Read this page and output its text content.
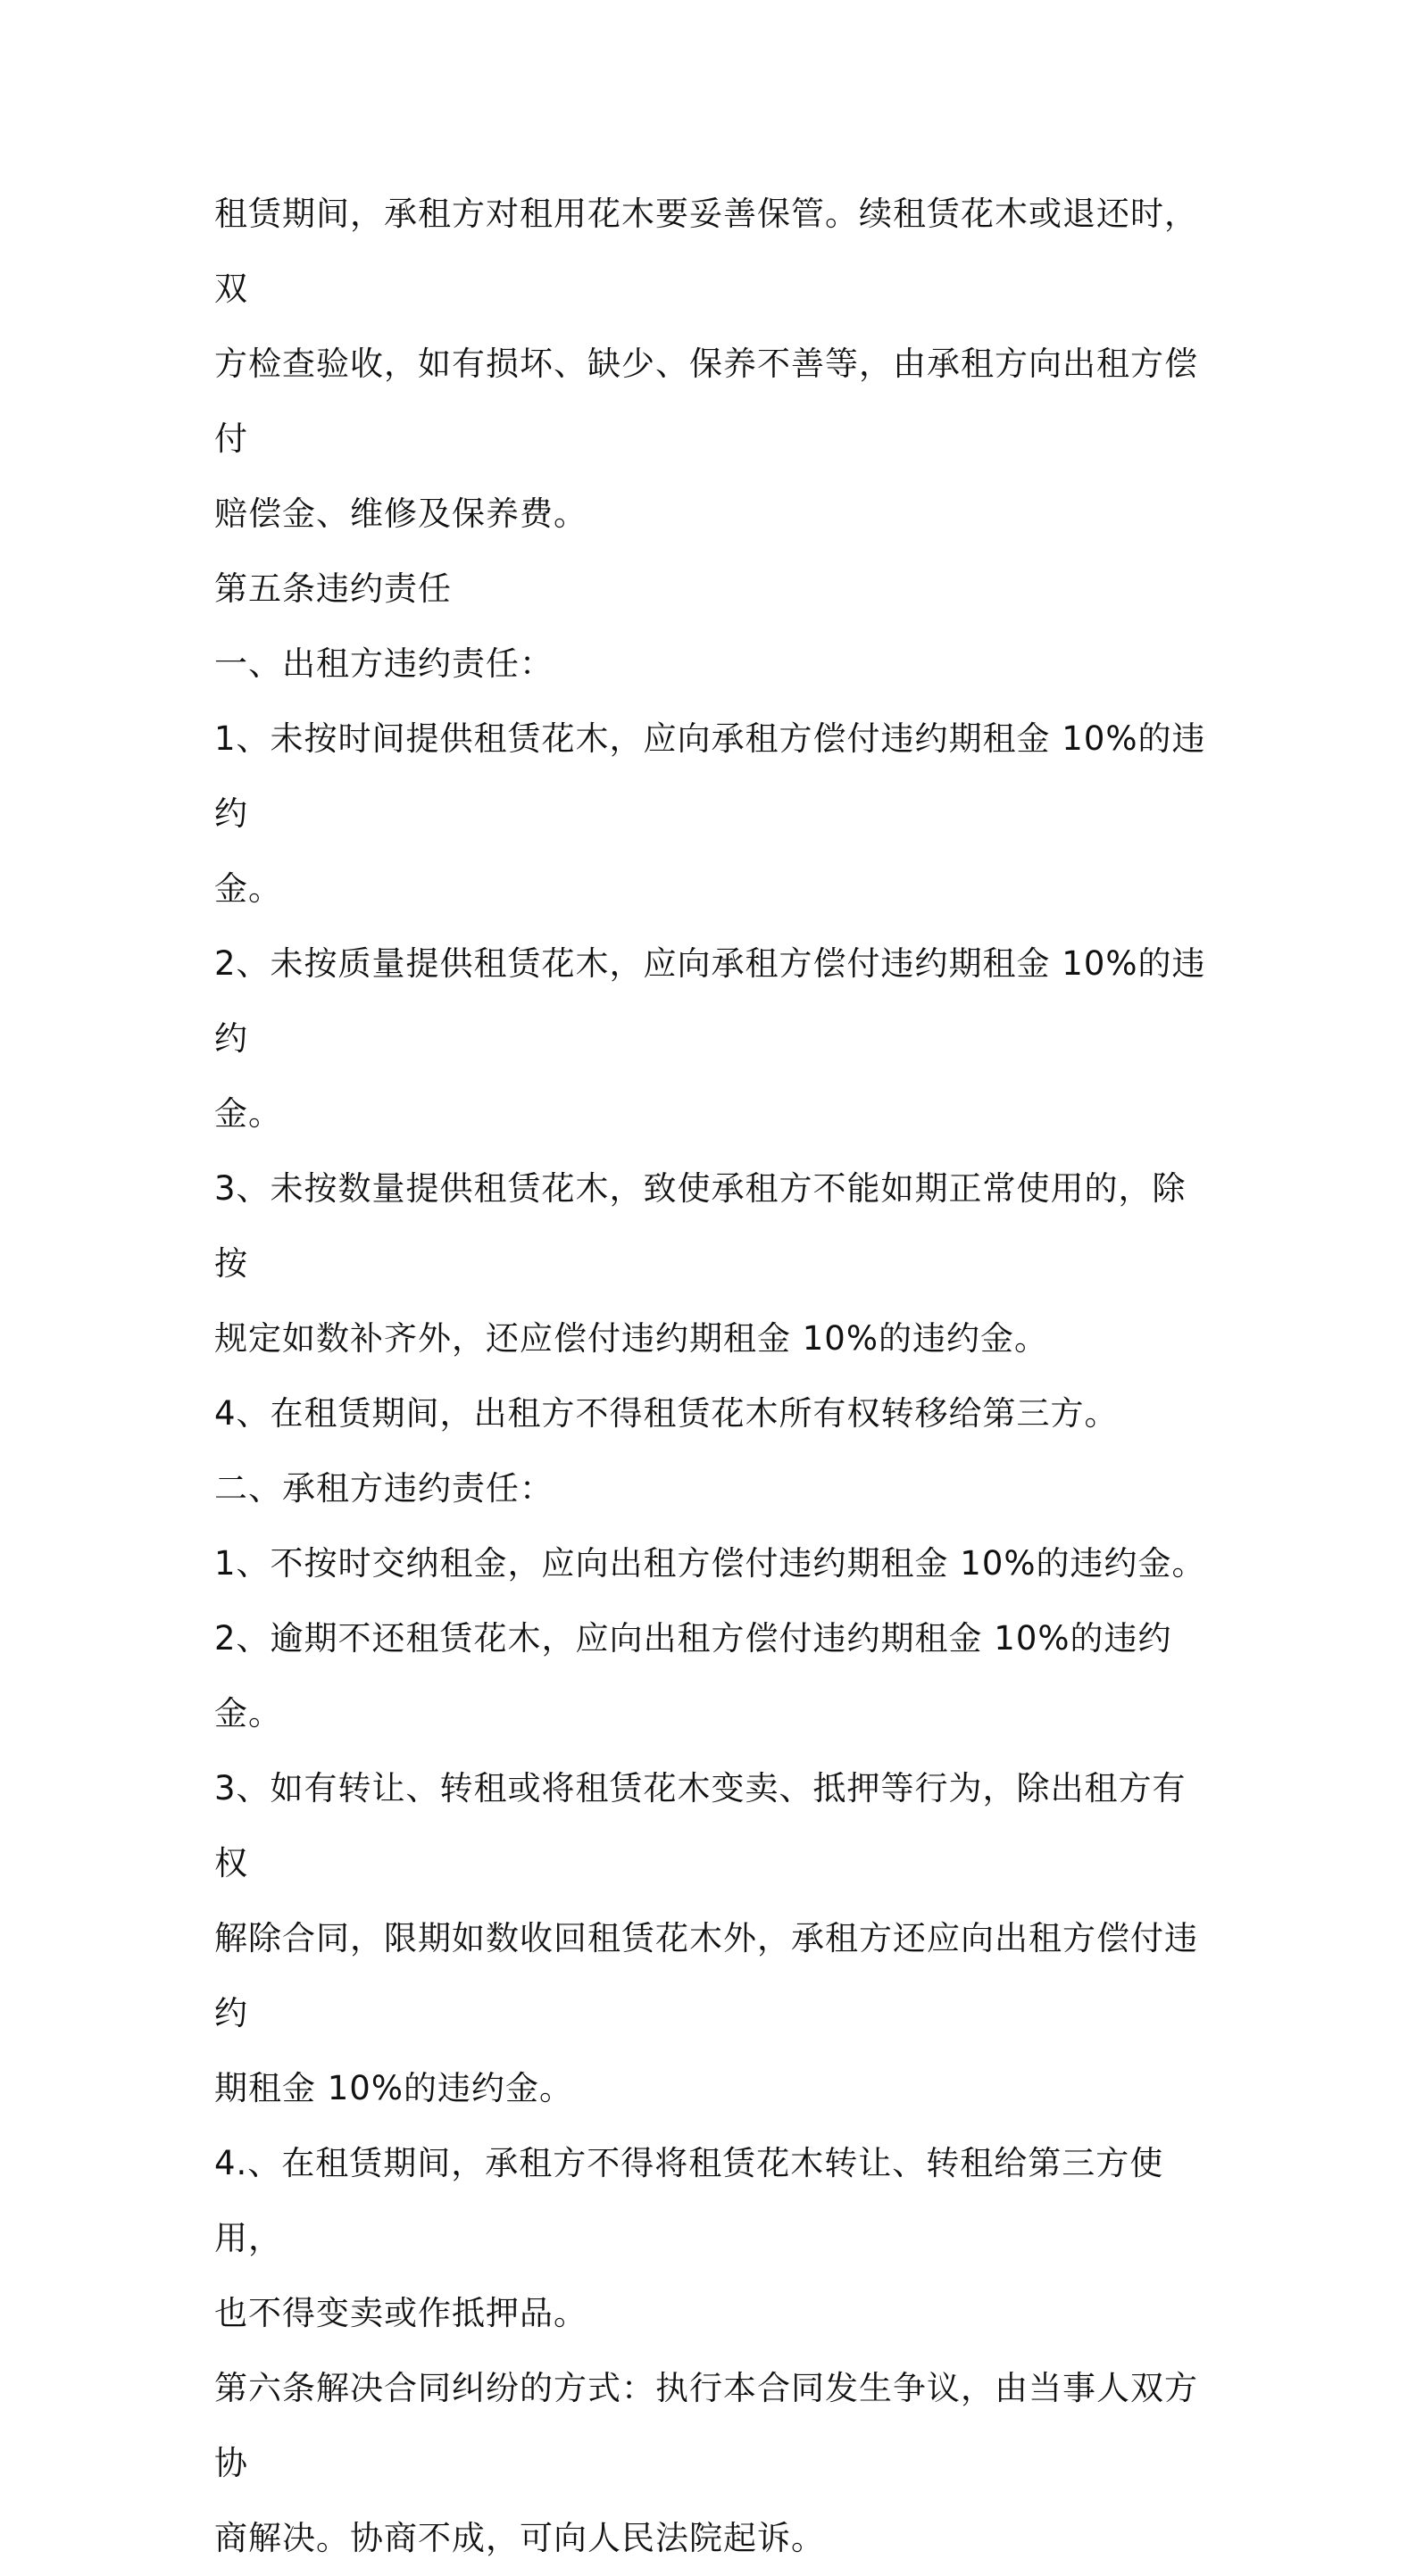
租赁期间，承租方对租用花木要妥善保管。续租赁花木或退还时，双

方检查验收，如有损坏、缺少、保养不善等，由承租方向出租方偿付

赔偿金、维修及保养费。

第五条违约责任

一、出租方违约责任：

1、未按时间提供租赁花木，应向承租方偿付违约期租金 10%的违约

金。

2、未按质量提供租赁花木，应向承租方偿付违约期租金 10%的违约

金。

3、未按数量提供租赁花木，致使承租方不能如期正常使用的，除按

规定如数补齐外，还应偿付违约期租金 10%的违约金。

4、在租赁期间，出租方不得租赁花木所有权转移给第三方。

二、承租方违约责任：

1、不按时交纳租金，应向出租方偿付违约期租金 10%的违约金。

2、逾期不还租赁花木，应向出租方偿付违约期租金 10%的违约金。

3、如有转让、转租或将租赁花木变卖、抵押等行为，除出租方有权

解除合同，限期如数收回租赁花木外，承租方还应向出租方偿付违约

期租金 10%的违约金。

4.、在租赁期间，承租方不得将租赁花木转让、转租给第三方使用，

也不得变卖或作抵押品。

第六条解决合同纠纷的方式：执行本合同发生争议，由当事人双方协

商解决。协商不成，可向人民法院起诉。
